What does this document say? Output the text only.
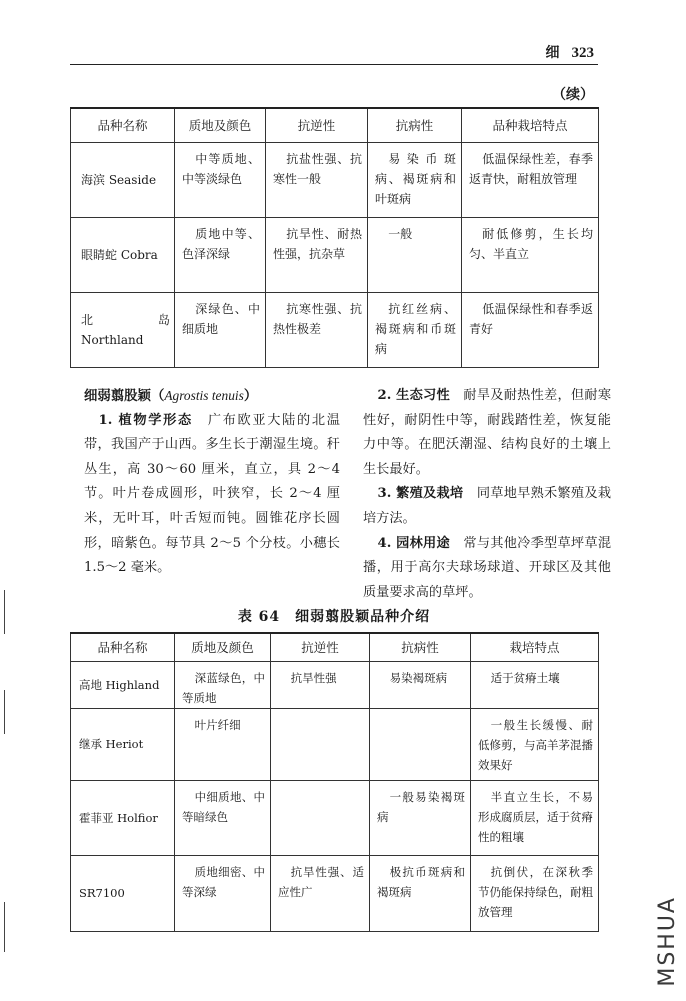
细 323
（续）
品种名称	质地及颜色	抗逆性	抗病性	品种栽培特点

海滨 Seaside	中等质地、中等淡绿色	抗盐性强、抗寒性一般	易染币斑病、褐斑病和叶斑病	低温保绿性差，春季返青快，耐粗放管理

眼睛蛇 Cobra	质地中等、色泽深绿	抗旱性、耐热性强，抗杂草	一般	耐低修剪，生长均匀、半直立

北岛 Northland	深绿色、中细质地	抗寒性强、抗热性极差	抗红丝病、褐斑病和币斑病	低温保绿性和春季返青好

细弱翦股颖（Agrostis tenuis）

1. 植物学形态　 广布欧亚大陆的北温带，我国产于山西。多生长于潮湿生境。秆丛生，高 30～60 厘米，直立，具 2～4 节。叶片卷成圆形，叶狭窄，长 2～4 厘米，无叶耳，叶舌短而钝。圆锥花序长圆形，暗紫色。每节具 2～5 个分枝。小穗长 1.5～2 毫米。

2. 生态习性　 耐旱及耐热性差，但耐寒性好，耐阴性中等，耐践踏性差，恢复能力中等。在肥沃潮湿、结构良好的土壤上生长最好。

3. 繁殖及栽培　 同草地早熟禾繁殖及栽培方法。

4. 园林用途　 常与其他冷季型草坪草混播，用于高尔夫球场球道、开球区及其他质量要求高的草坪。

表 64　细弱翦股颖品种介绍
品种名称	质地及颜色	抗逆性	抗病性	栽培特点

高地 Highland	深蓝绿色，中等质地	抗旱性强	易染褐斑病	适于贫瘠土壤

继承 Heriot	叶片纤细			一般生长缓慢、耐低修剪，与高羊茅混播效果好

霍菲亚 Holfior	中细质地、中等暗绿色		一般易染褐斑病	半直立生长，不易形成腐质层，适于贫瘠性的粗壤

SR7100	质地细密、中等深绿	抗旱性强、适应性广	极抗币斑病和褐斑病	抗倒伏，在深秋季节仍能保持绿色，耐粗放管理	MSHUA
